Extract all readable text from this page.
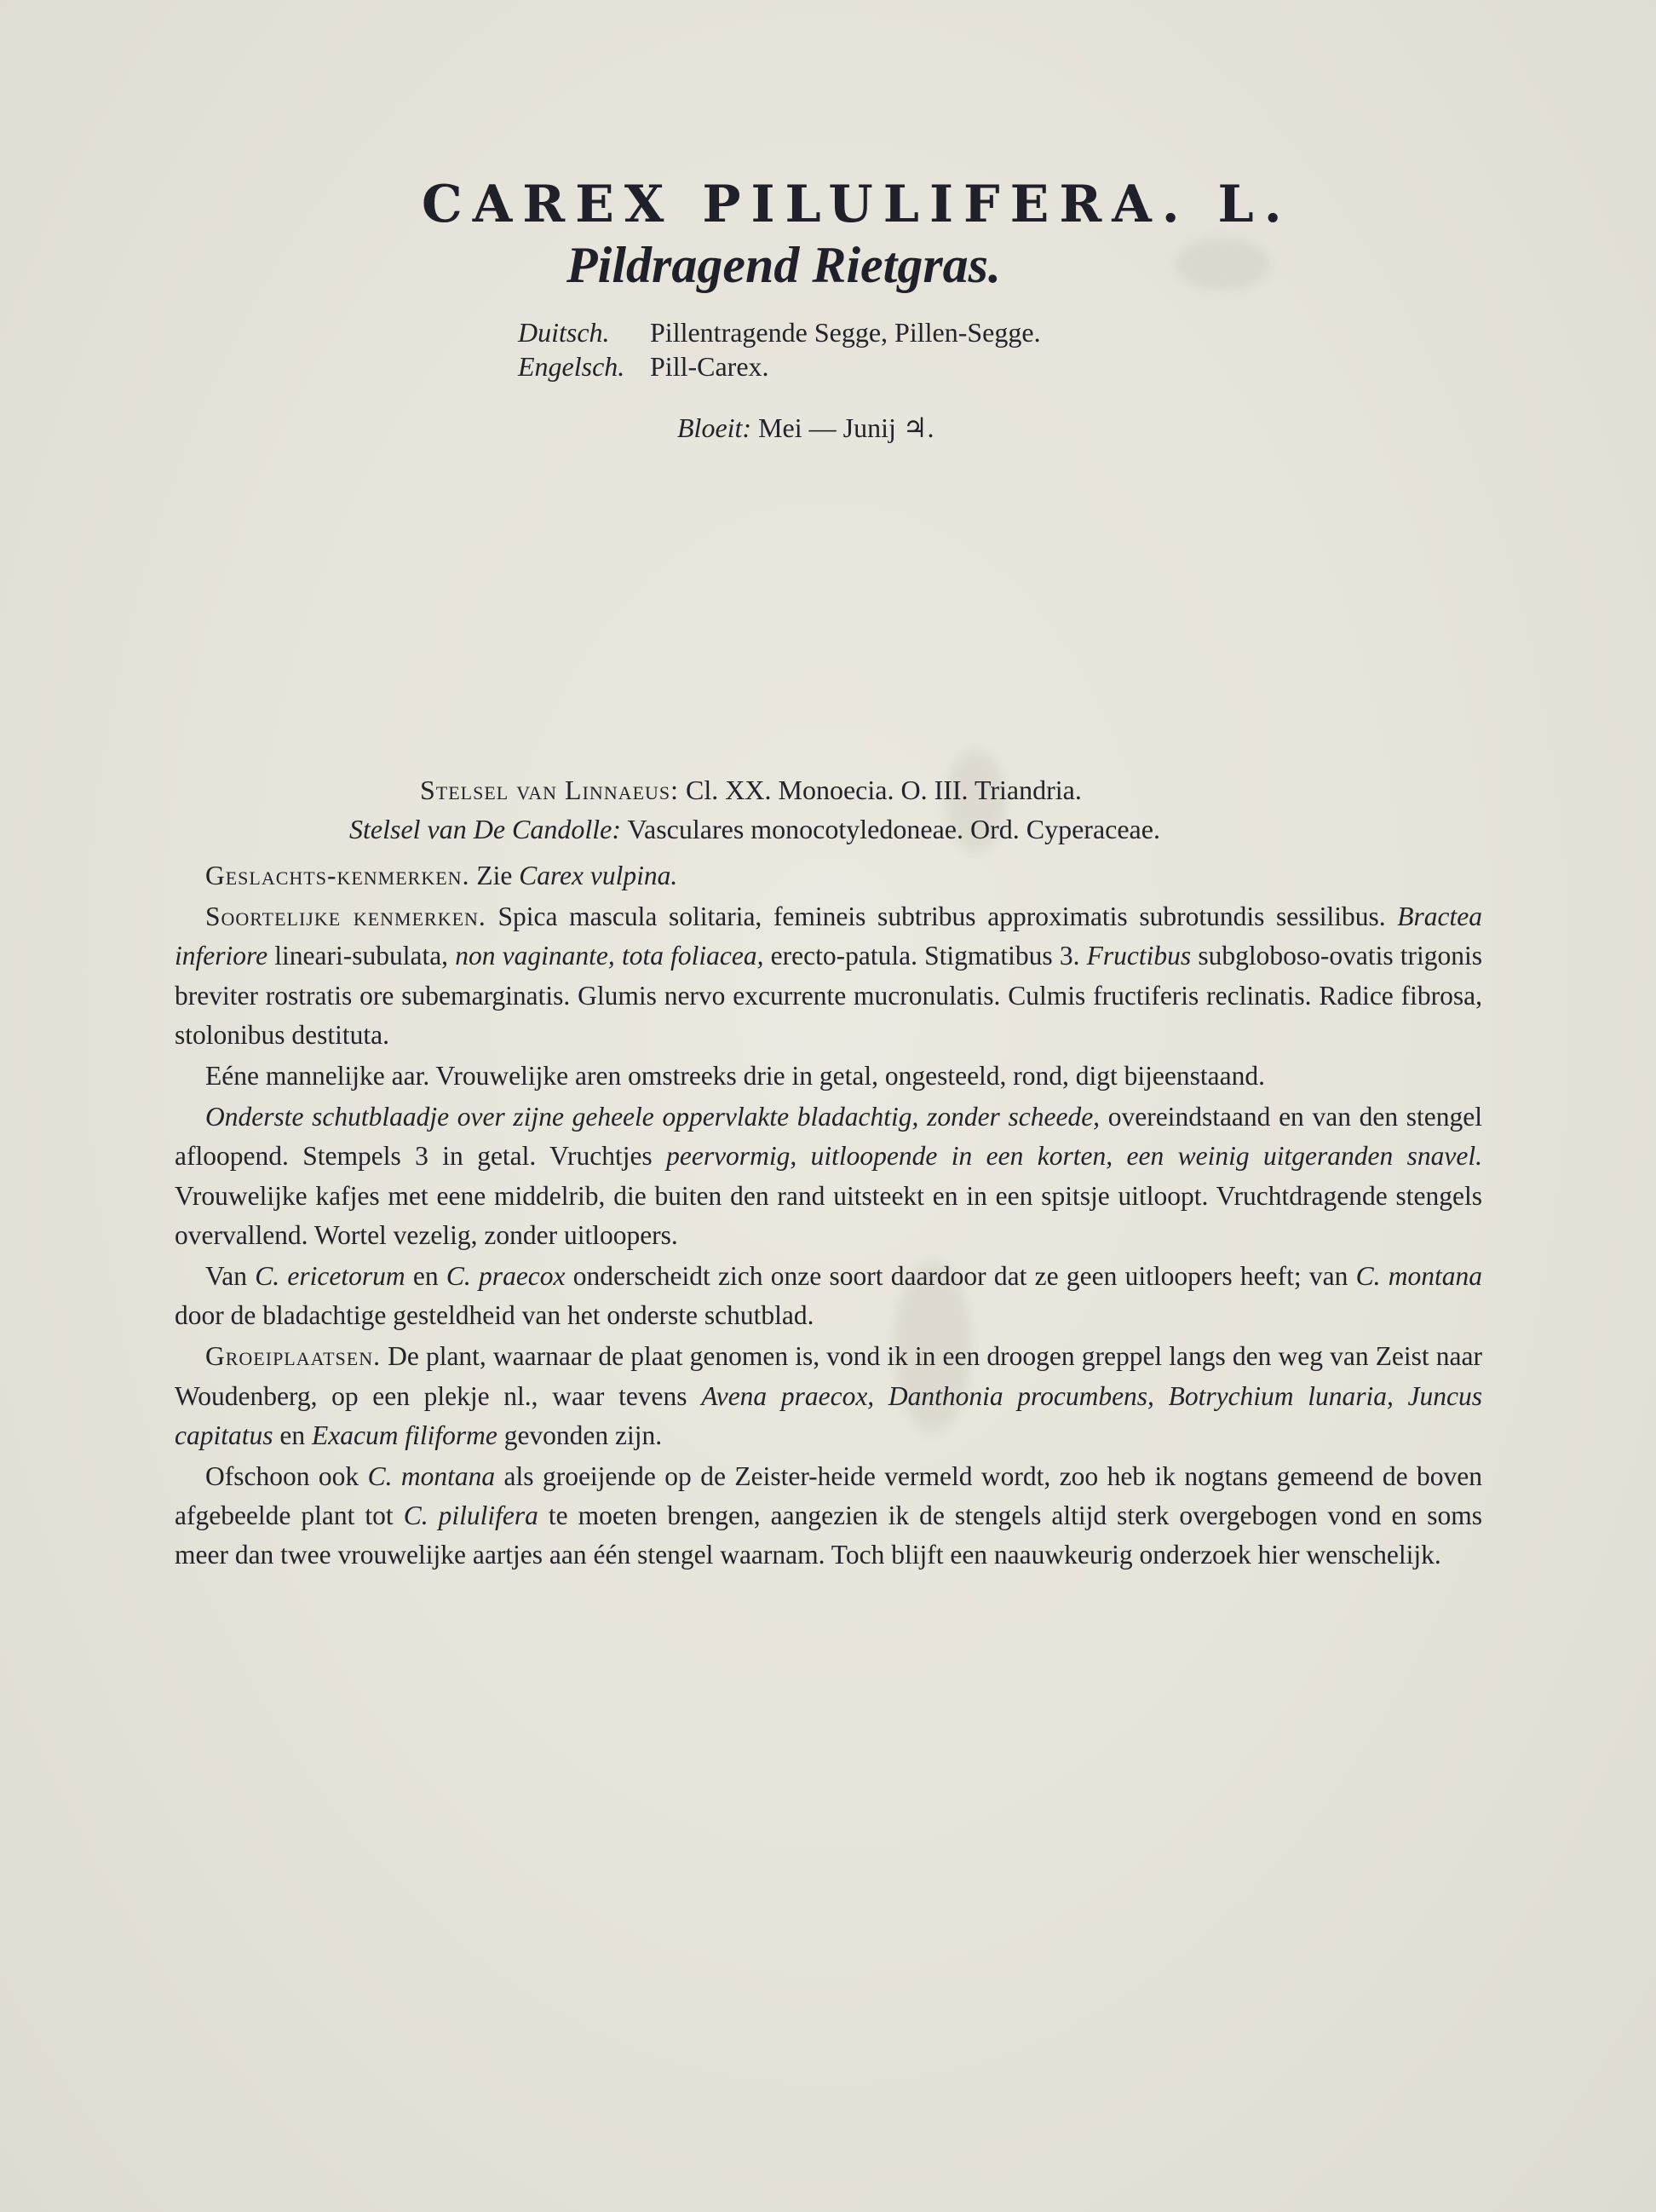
CAREX PILULIFERA. L.
Pildragend Rietgras.
Duitsch. Pillentragende Segge, Pillen-Segge.
Engelsch. Pill-Carex.
Bloeit: Mei — Junij ♃.
Stelsel van Linnaeus: Cl. XX. Monoecia. O. III. Triandria.
Stelsel van De Candolle: Vasculares monocotyledoneae. Ord. Cyperaceae.

Geslachts-kenmerken. Zie Carex vulpina.

Soortelijke kenmerken. Spica mascula solitaria, femineis subtribus approximatis subrotundis sessilibus. Bractea inferiore lineari-subulata, non vaginante, tota foliacea, erecto-patula. Stigmatibus 3. Fructibus subgloboso-ovatis trigonis breviter rostratis ore subemarginatis. Glumis nervo excurrente mucronulatis. Culmis fructiferis reclinatis. Radice fibrosa, stolonibus destituta.

Eéne mannelijke aar. Vrouwelijke aren omstreeks drie in getal, ongesteeld, rond, digt bijeenstaand.

Onderste schutblaadje over zijne geheele oppervlakte bladachtig, zonder scheede, overeindstaand en van den stengel afloopend. Stempels 3 in getal. Vruchtjes peervormig, uitloopende in een korten, een weinig uitgeranden snavel. Vrouwelijke kafjes met eene middelrib, die buiten den rand uitsteekt en in een spitsje uitloopt. Vruchtdragende stengels overvallend. Wortel vezelig, zonder uitloopers.

Van C. ericetorum en C. praecox onderscheidt zich onze soort daardoor dat ze geen uitloopers heeft; van C. montana door de bladachtige gesteldheid van het onderste schutblad.

Groeiplaatsen. De plant, waarnaar de plaat genomen is, vond ik in een droogen greppel langs den weg van Zeist naar Woudenberg, op een plekje nl., waar tevens Avena praecox, Danthonia procumbens, Botrychium lunaria, Juncus capitatus en Exacum filiforme gevonden zijn.

Ofschoon ook C. montana als groeijende op de Zeister-heide vermeld wordt, zoo heb ik nogtans gemeend de boven afgebeelde plant tot C. pilulifera te moeten brengen, aangezien ik de stengels altijd sterk overgebogen vond en soms meer dan twee vrouwelijke aartjes aan één stengel waarnam. Toch blijft een naauwkeurig onderzoek hier wenschelijk.
